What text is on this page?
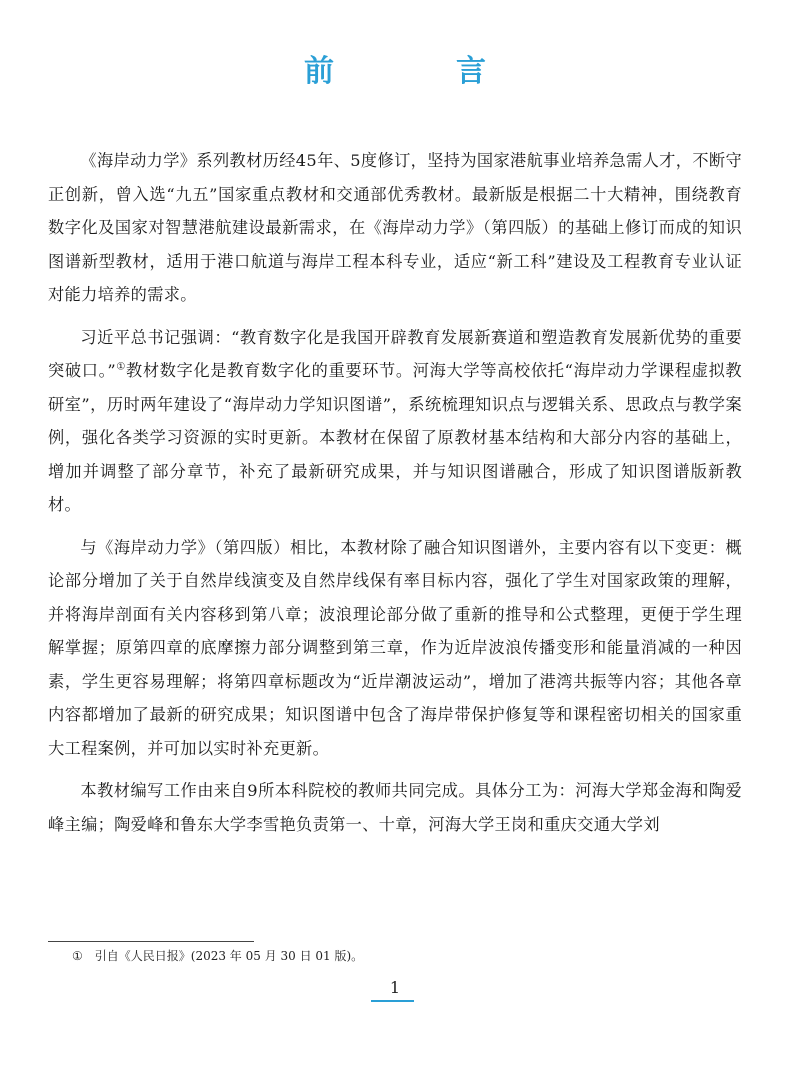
前　言

《海岸动力学》系列教材历经45年、5度修订，坚持为国家港航事业培养急需人才，不断守正创新，曾入选“九五”国家重点教材和交通部优秀教材。最新版是根据二十大精神，围绕教育数字化及国家对智慧港航建设最新需求，在《海岸动力学》（第四版）的基础上修订而成的知识图谱新型教材，适用于港口航道与海岸工程本科专业，适应“新工科”建设及工程教育专业认证对能力培养的需求。

习近平总书记强调：“教育数字化是我国开辟教育发展新赛道和塑造教育发展新优势的重要突破口。”①教材数字化是教育数字化的重要环节。河海大学等高校依托“海岸动力学课程虚拟教研室”，历时两年建设了“海岸动力学知识图谱”，系统梳理知识点与逻辑关系、思政点与教学案例，强化各类学习资源的实时更新。本教材在保留了原教材基本结构和大部分内容的基础上，增加并调整了部分章节，补充了最新研究成果，并与知识图谱融合，形成了知识图谱版新教材。

与《海岸动力学》（第四版）相比，本教材除了融合知识图谱外，主要内容有以下变更：概论部分增加了关于自然岸线演变及自然岸线保有率目标内容，强化了学生对国家政策的理解，并将海岸剖面有关内容移到第八章；波浪理论部分做了重新的推导和公式整理，更便于学生理解掌握；原第四章的底摩擦力部分调整到第三章，作为近岸波浪传播变形和能量消减的一种因素，学生更容易理解；将第四章标题改为“近岸潮波运动”，增加了港湾共振等内容；其他各章内容都增加了最新的研究成果；知识图谱中包含了海岸带保护修复等和课程密切相关的国家重大工程案例，并可加以实时补充更新。

本教材编写工作由来自9所本科院校的教师共同完成。具体分工为：河海大学郑金海和陶爱峰主编；陶爱峰和鲁东大学李雪艳负责第一、十章，河海大学王岗和重庆交通大学刘

① 引自《人民日报》(2023 年 05 月 30 日 01 版)。
1
